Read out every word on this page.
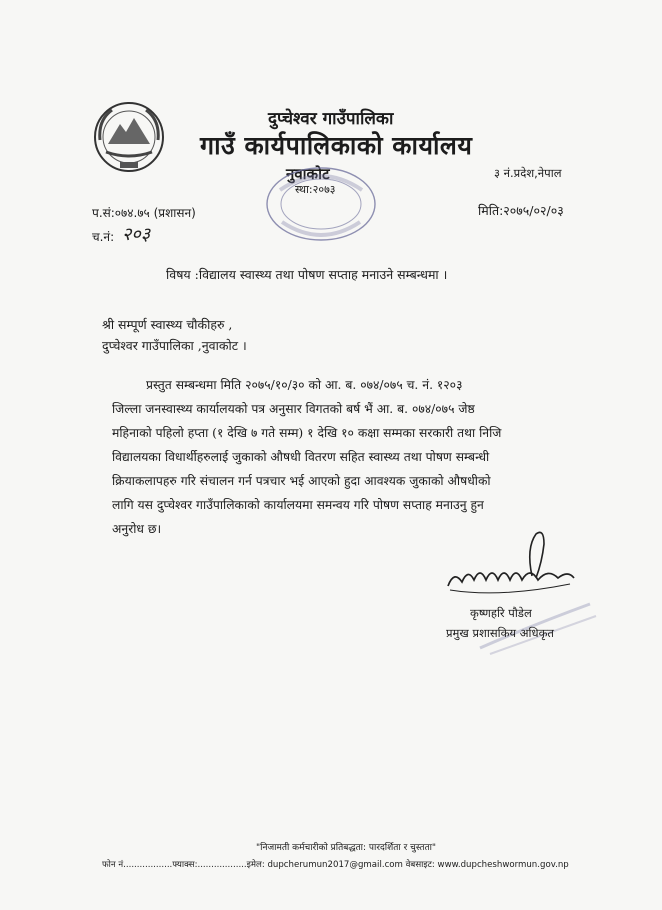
दुप्चेश्वर गाउँपालिका
गाउँ कार्यपालिकाको कार्यालय
नुवाकोट
स्था:२०७३
३ नं.प्रदेश,नेपाल
प.सं:०७४.७५ (प्रशासन)	मिति:२०७५/०२/०३
च.नं: २०३
विषय :विद्यालय स्वास्थ्य तथा पोषण सप्ताह मनाउने सम्बन्धमा ।
श्री सम्पूर्ण स्वास्थ्य चौकीहरु ,
दुप्चेश्वर गाउँपालिका ,नुवाकोट ।
प्रस्तुत सम्बन्धमा मिति २०७५/१०/३० को आ. ब. ०७४/०७५ च. नं. १२०३
जिल्ला जनस्वास्थ्य कार्यालयको पत्र अनुसार विगतको बर्ष भैं आ. ब. ०७४/०७५ जेष्ठ
महिनाको पहिलो हप्ता (१ देखि ७ गते सम्म) १ देखि १० कक्षा सम्मका सरकारी तथा निजि
विद्यालयका विधार्थीहरुलाई जुकाको औषधी वितरण सहित स्वास्थ्य तथा पोषण सम्बन्धी
क्रियाकलापहरु गरि संचालन गर्न पत्रचार भई आएको हुदा आवश्यक जुकाको औषधीको
लागि यस दुप्चेश्वर गाउँपालिकाको कार्यालयमा समन्वय गरि पोषण सप्ताह मनाउनु हुन
अनुरोध छ।
कृष्णहरि पौडेल
प्रमुख प्रशासकिय अधिकृत
"निजामती कर्मचारीको प्रतिबद्धता: पारदर्शिता र चुस्तता"
फोन नं..................फ्याक्स:..................इमेल: dupcherumun2017@gmail.com वेबसाइट: www.dupcheshwormun.gov.np
